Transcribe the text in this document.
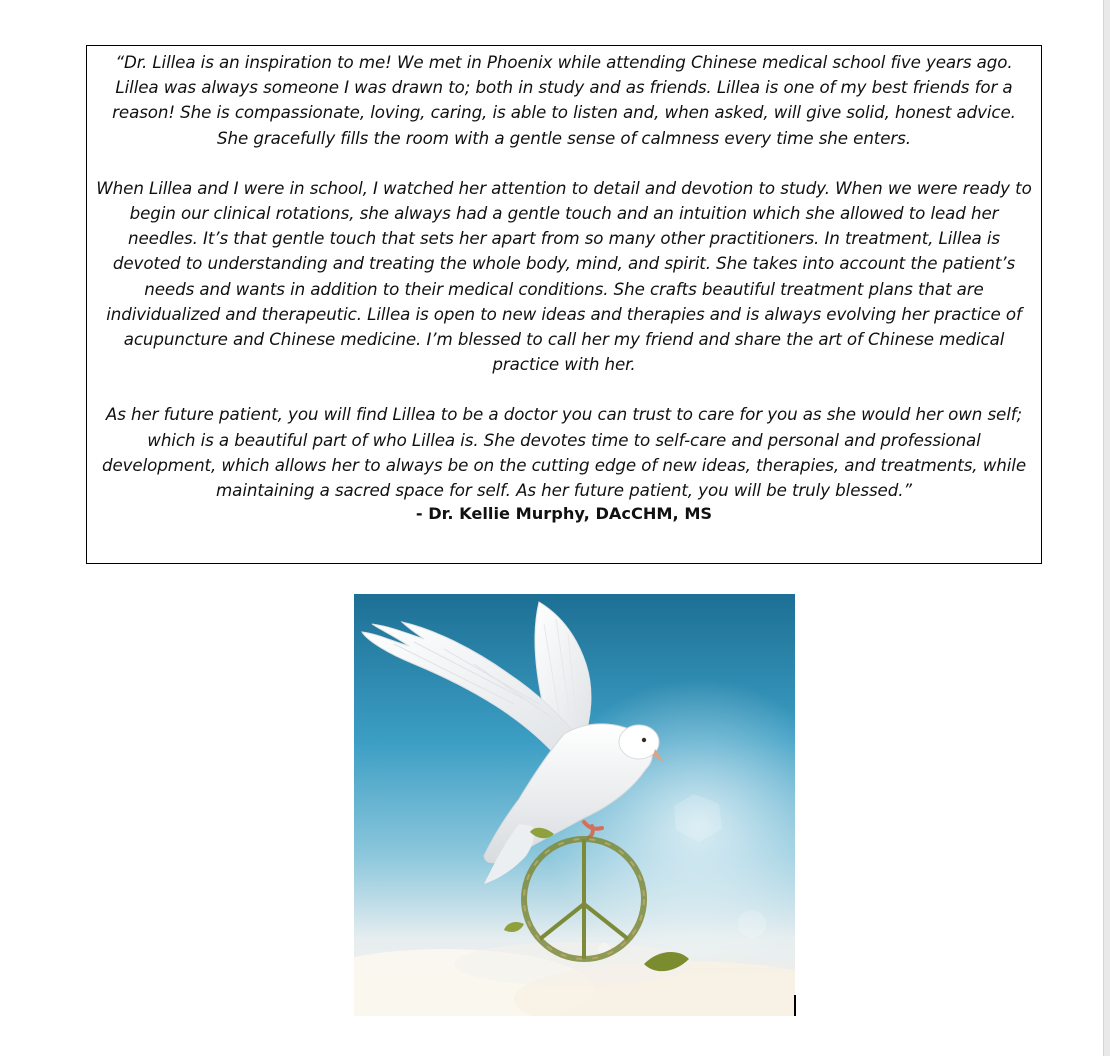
“Dr. Lillea is an inspiration to me! We met in Phoenix while attending Chinese medical school five years ago. Lillea was always someone I was drawn to; both in study and as friends. Lillea is one of my best friends for a reason! She is compassionate, loving, caring, is able to listen and, when asked, will give solid, honest advice. She gracefully fills the room with a gentle sense of calmness every time she enters.

When Lillea and I were in school, I watched her attention to detail and devotion to study. When we were ready to begin our clinical rotations, she always had a gentle touch and an intuition which she allowed to lead her needles. It’s that gentle touch that sets her apart from so many other practitioners. In treatment, Lillea is devoted to understanding and treating the whole body, mind, and spirit. She takes into account the patient’s needs and wants in addition to their medical conditions. She crafts beautiful treatment plans that are individualized and therapeutic. Lillea is open to new ideas and therapies and is always evolving her practice of acupuncture and Chinese medicine. I’m blessed to call her my friend and share the art of Chinese medical practice with her.

As her future patient, you will find Lillea to be a doctor you can trust to care for you as she would her own self; which is a beautiful part of who Lillea is. She devotes time to self-care and personal and professional development, which allows her to always be on the cutting edge of new ideas, therapies, and treatments, while maintaining a sacred space for self. As her future patient, you will be truly blessed.”

- Dr. Kellie Murphy, DAcCHM, MS
